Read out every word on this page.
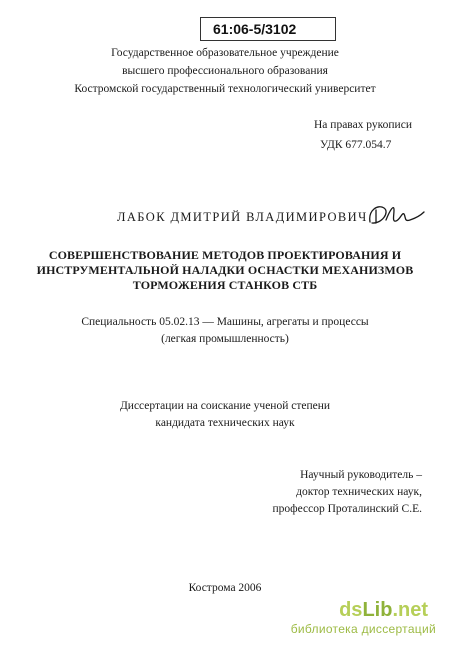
61:06-5/3102
Государственное образовательное учреждение
высшего профессионального образования
Костромской государственный технологический университет
На правах рукописи
УДК 677.054.7
ЛАБОК ДМИТРИЙ ВЛАДИМИРОВИЧ
СОВЕРШЕНСТВОВАНИЕ МЕТОДОВ ПРОЕКТИРОВАНИЯ И
ИНСТРУМЕНТАЛЬНОЙ НАЛАДКИ ОСНАСТКИ МЕХАНИЗМОВ
ТОРМОЖЕНИЯ СТАНКОВ СТБ
Специальность 05.02.13 — Машины, агрегаты и процессы
(легкая промышленность)
Диссертации на соискание ученой степени
кандидата технических наук
Научный руководитель –
доктор технических наук,
профессор Проталинский С.Е.
Кострома 2006
dsLib.net
библиотека диссертаций
